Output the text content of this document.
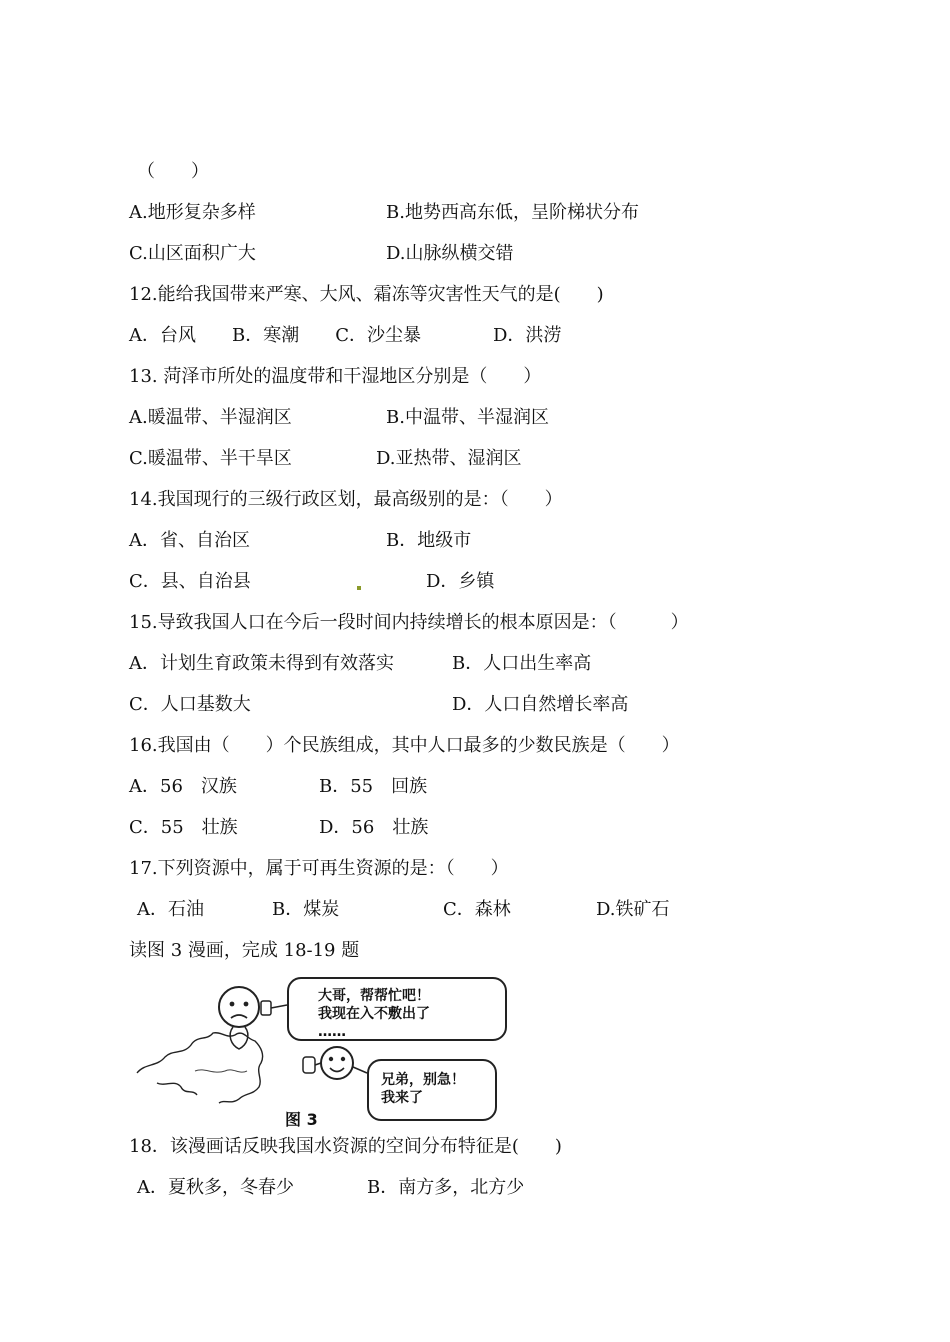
（　　）
A.地形复杂多样	B.地势西高东低，呈阶梯状分布
C.山区面积广大	D.山脉纵横交错
12.能给我国带来严寒、大风、霜冻等灾害性天气的是(　　)
A．台风　　B．寒潮　　C．沙尘暴　　　　D．洪涝
13. 菏泽市所处的温度带和干湿地区分别是（　　）
A.暖温带、半湿润区	B.中温带、半湿润区
C.暖温带、半干旱区	D.亚热带、湿润区
14.我国现行的三级行政区划，最高级别的是：（　　）
A．省、自治区	B．地级市
C．县、自治县	D．乡镇
15.导致我国人口在今后一段时间内持续增长的根本原因是：（　　　）
A．计划生育政策未得到有效落实	B．人口出生率高
C．人口基数大	D．人口自然增长率高
16.我国由（　　）个民族组成，其中人口最多的少数民族是（　　）
A．56　汉族	B．55　回族
C．55　壮族	D．56　壮族
17.下列资源中，属于可再生资源的是：（　　）
A．石油	B．煤炭	C．森林	D.铁矿石
读图 3 漫画，完成 18-19 题
大哥，帮帮忙吧！
我现在入不敷出了
……
兄弟，别急！
我来了
图 3
18．该漫画话反映我国水资源的空间分布特征是(　　)
A．夏秋多，冬春少	B．南方多，北方少
